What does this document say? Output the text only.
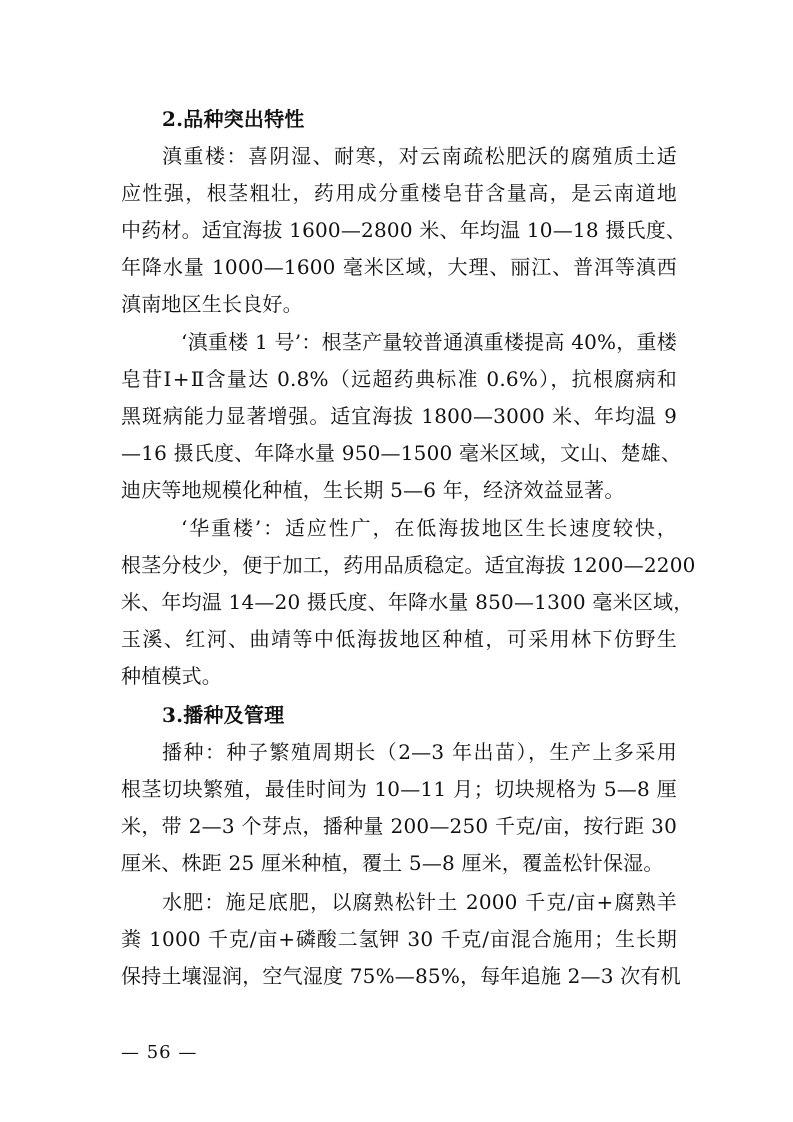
2.品种突出特性
滇重楼：喜阴湿、耐寒，对云南疏松肥沃的腐殖质土适
应性强，根茎粗壮，药用成分重楼皂苷含量高，是云南道地
中药材。适宜海拔 1600—2800 米、年均温 10—18 摄氏度、
年降水量 1000—1600 毫米区域，大理、丽江、普洱等滇西
滇南地区生长良好。
‘滇重楼 1 号’：根茎产量较普通滇重楼提高 40%，重楼
皂苷Ⅰ+Ⅱ含量达 0.8%（远超药典标准 0.6%），抗根腐病和
黑斑病能力显著增强。适宜海拔 1800—3000 米、年均温 9
—16 摄氏度、年降水量 950—1500 毫米区域，文山、楚雄、
迪庆等地规模化种植，生长期 5—6 年，经济效益显著。
‘华重楼’：适应性广，在低海拔地区生长速度较快，
根茎分枝少，便于加工，药用品质稳定。适宜海拔 1200—2200
米、年均温 14—20 摄氏度、年降水量 850—1300 毫米区域，
玉溪、红河、曲靖等中低海拔地区种植，可采用林下仿野生
种植模式。
3.播种及管理
播种：种子繁殖周期长（2—3 年出苗），生产上多采用
根茎切块繁殖，最佳时间为 10—11 月；切块规格为 5—8 厘
米，带 2—3 个芽点，播种量 200—250 千克/亩，按行距 30
厘米、株距 25 厘米种植，覆土 5—8 厘米，覆盖松针保湿。
水肥：施足底肥，以腐熟松针土 2000 千克/亩+腐熟羊
粪 1000 千克/亩+磷酸二氢钾 30 千克/亩混合施用；生长期
保持土壤湿润，空气湿度 75%—85%，每年追施 2—3 次有机
— 56 —
